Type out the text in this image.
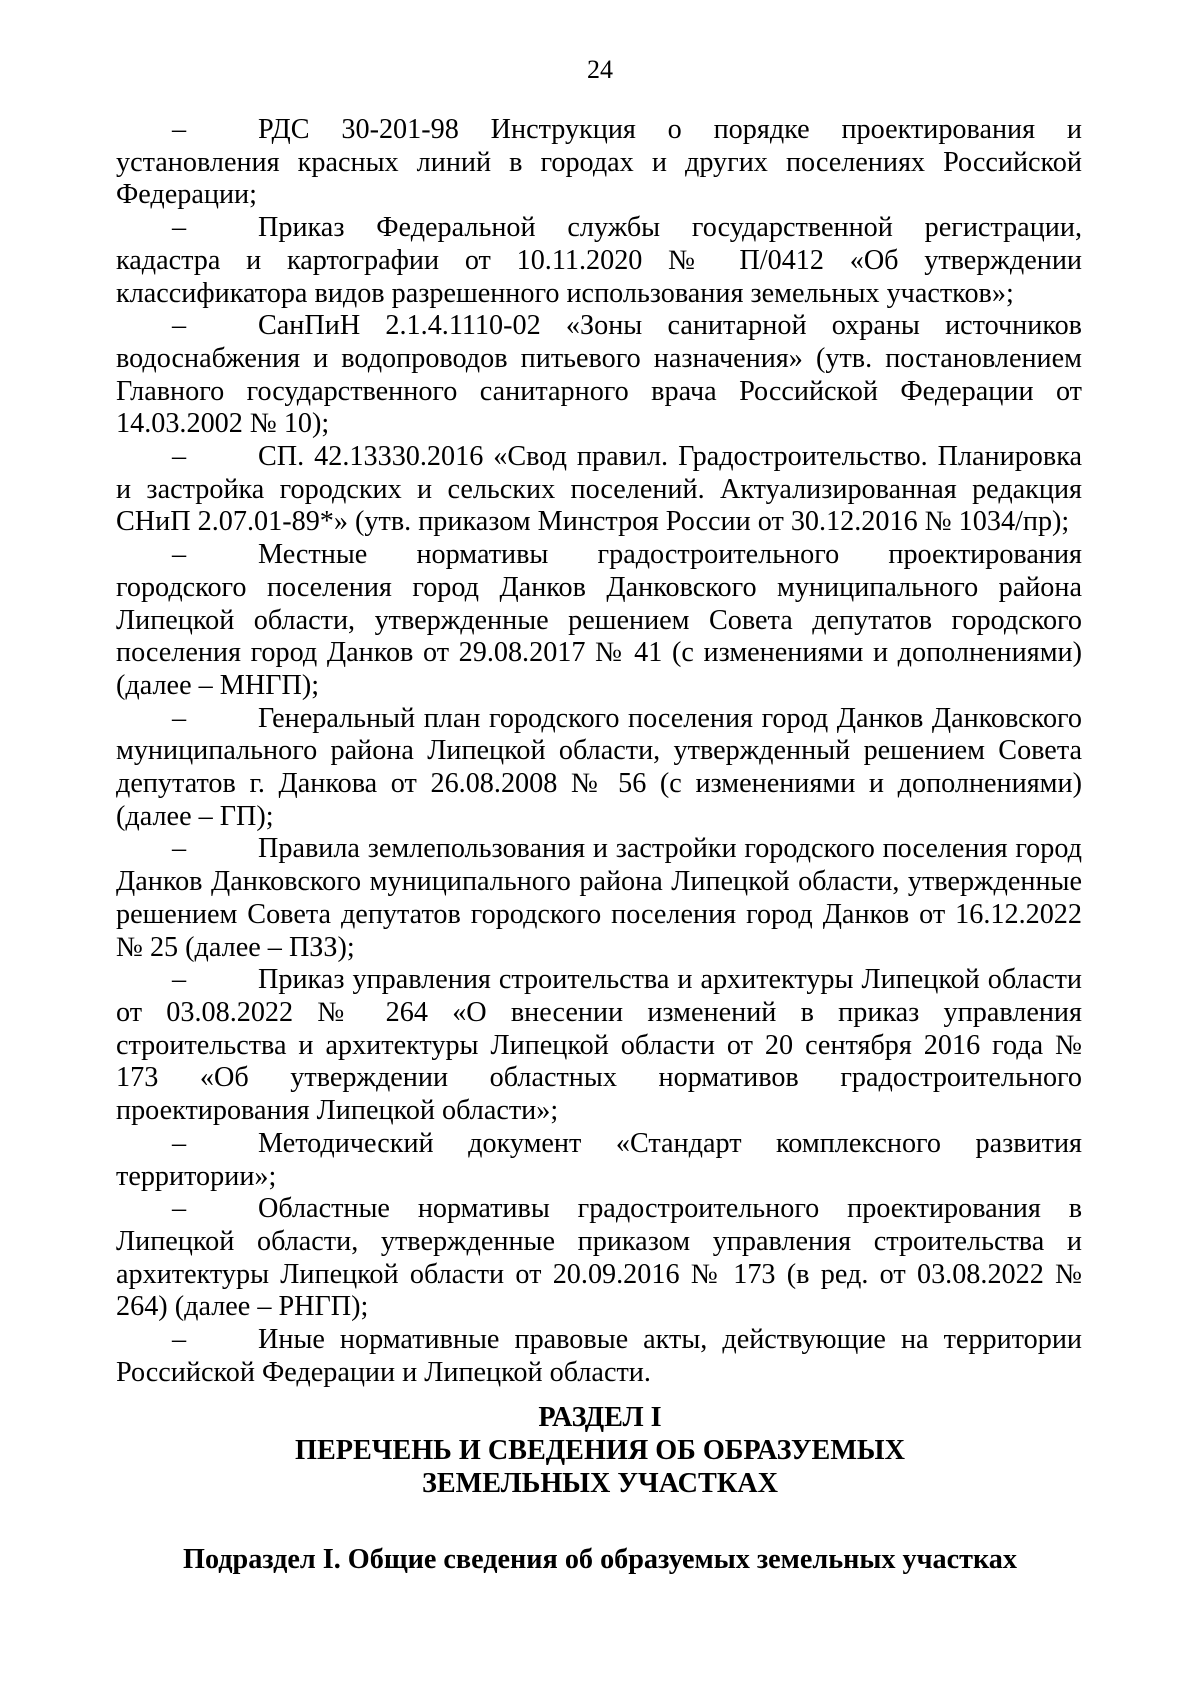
24
–	РДС 30-201-98 Инструкция о порядке проектирования и установления красных линий в городах и других поселениях Российской Федерации;
–	Приказ Федеральной службы государственной регистрации, кадастра и картографии от 10.11.2020 № П/0412 «Об утверждении классификатора видов разрешенного использования земельных участков»;
–	СанПиН 2.1.4.1110-02 «Зоны санитарной охраны источников водоснабжения и водопроводов питьевого назначения» (утв. постановлением Главного государственного санитарного врача Российской Федерации от 14.03.2002 № 10);
–	СП. 42.13330.2016 «Свод правил. Градостроительство. Планировка и застройка городских и сельских поселений. Актуализированная редакция СНиП 2.07.01-89*» (утв. приказом Минстроя России от 30.12.2016 № 1034/пр);
–	Местные нормативы градостроительного проектирования городского поселения город Данков Данковского муниципального района Липецкой области, утвержденные решением Совета депутатов городского поселения город Данков от 29.08.2017 № 41 (с изменениями и дополнениями) (далее – МНГП);
–	Генеральный план городского поселения город Данков Данковского муниципального района Липецкой области, утвержденный решением Совета депутатов г. Данкова от 26.08.2008 № 56 (с изменениями и дополнениями) (далее – ГП);
–	Правила землепользования и застройки городского поселения город Данков Данковского муниципального района Липецкой области, утвержденные решением Совета депутатов городского поселения город Данков от 16.12.2022 № 25 (далее – ПЗЗ);
–	Приказ управления строительства и архитектуры Липецкой области от 03.08.2022 № 264 «О внесении изменений в приказ управления строительства и архитектуры Липецкой области от 20 сентября 2016 года № 173 «Об утверждении областных нормативов градостроительного проектирования Липецкой области»;
–	Методический документ «Стандарт комплексного развития территории»;
–	Областные нормативы градостроительного проектирования в Липецкой области, утвержденные приказом управления строительства и архитектуры Липецкой области от 20.09.2016 № 173 (в ред. от 03.08.2022 № 264) (далее – РНГП);
–	Иные нормативные правовые акты, действующие на территории Российской Федерации и Липецкой области.
РАЗДЕЛ I
ПЕРЕЧЕНЬ И СВЕДЕНИЯ ОБ ОБРАЗУЕМЫХ
ЗЕМЕЛЬНЫХ УЧАСТКАХ
Подраздел I. Общие сведения об образуемых земельных участках
